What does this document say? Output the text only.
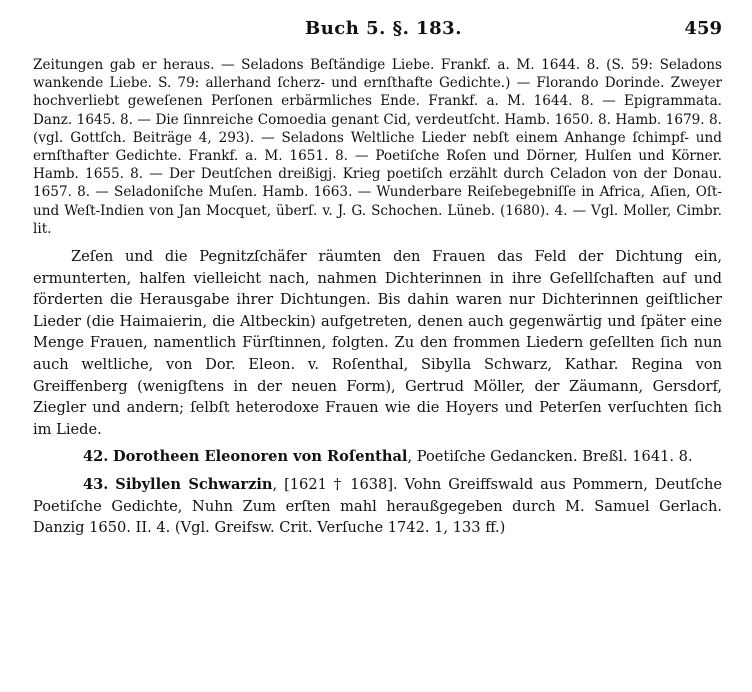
Buch 5. §. 183.	459

Zeitungen gab er heraus. — Seladons Beſtändige Liebe. Frankf. a. M. 1644. 8. (S. 59: Seladons wankende Liebe. S. 79: allerhand ſcherz- und ernſthafte Gedichte.) — Florando Dorinde. Zweyer hochverliebt geweſenen Perſonen erbärmliches Ende. Frankf. a. M. 1644. 8. — Epigrammata. Danz. 1645. 8. — Die ſinnreiche Comoedia genant Cid, verdeutſcht. Hamb. 1650. 8. Hamb. 1679. 8. (vgl. Gottſch. Beiträge 4, 293). — Seladons Weltliche Lieder nebſt einem Anhange ſchimpf- und ernſthafter Gedichte. Frankf. a. M. 1651. 8. — Poetiſche Roſen und Dörner, Hulſen und Körner. Hamb. 1655. 8. — Der Deutſchen dreißigj. Krieg poetiſch erzählt durch Celadon von der Donau. 1657. 8. — Seladoniſche Muſen. Hamb. 1663. — Wunderbare Reiſebegebniſſe in Africa, Aſien, Oſt- und Weſt-Indien von Jan Mocquet, überſ. v. J. G. Schochen. Lüneb. (1680). 4. — Vgl. Moller, Cimbr. lit.

Zeſen und die Pegnitzſchäfer räumten den Frauen das Feld der Dichtung ein, ermunterten, halfen vielleicht nach, nahmen Dichterinnen in ihre Geſellſchaften auf und förderten die Herausgabe ihrer Dichtungen. Bis dahin waren nur Dichterinnen geiſtlicher Lieder (die Haimaierin, die Altbeckin) aufgetreten, denen auch gegenwärtig und ſpäter eine Menge Frauen, namentlich Fürſtinnen, folgten. Zu den frommen Liedern geſellten ſich nun auch weltliche, von Dor. Eleon. v. Roſenthal, Sibylla Schwarz, Kathar. Regina von Greiffenberg (wenigſtens in der neuen Form), Gertrud Möller, der Zäumann, Gersdorf, Ziegler und andern; ſelbſt heterodoxe Frauen wie die Hoyers und Peterſen verſuchten ſich im Liede.

42. Dorotheen Eleonoren von Roſenthal, Poetiſche Gedancken. Breßl. 1641. 8.

43. Sibyllen Schwarzin, [1621 † 1638]. Vohn Greiffswald aus Pommern, Deutſche Poetiſche Gedichte, Nuhn Zum erſten mahl heraußgegeben durch M. Samuel Gerlach. Danzig 1650. II. 4. (Vgl. Greifsw. Crit. Verſuche 1742. 1, 133 ff.)
